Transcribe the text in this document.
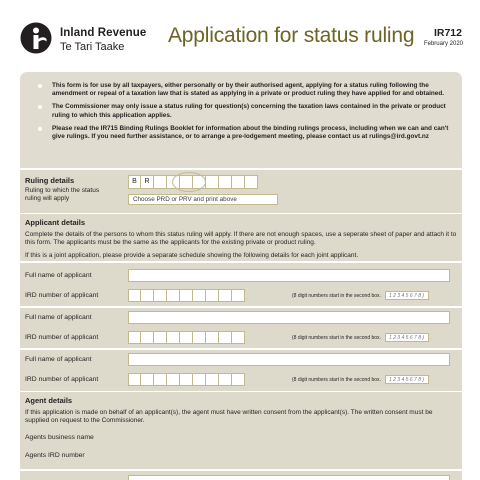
Inland Revenue
Te Tari Taake Application for status ruling IR712
February 2020
This form is for use by all taxpayers, either personally or by their authorised agent, applying for a status ruling following the amendment or repeal of a taxation law that is stated as applying in a private or product ruling they have applied for and obtained.
The Commissioner may only issue a status ruling for question(s) concerning the taxation laws contained in the private or product ruling to which this application applies.
Please read the IR715 Binding Rulings Booklet for information about the binding rulings process, including when we can and can't give rulings. If you need further assistance, or to arrange a pre-lodgement meeting, please contact us at rulings@ird.govt.nz
Ruling details
Ruling to which the status ruling will apply
B	R
Choose PRD or PRV and print above
Applicant details
Complete the details of the persons to whom this status ruling will apply. If there are not enough spaces, use a seperate sheet of paper and attach it to this form. The applicants must be the same as the applicants for the existing private or product ruling.
If this is a joint application, please provide a separate schedule showing the following details for each joint applicant.
Full name of applicant
IRD number of applicant	(8 digit numbers start in the second box.	12345678)
Full name of applicant
IRD number of applicant	(8 digit numbers start in the second box.	12345678)
Full name of applicant
IRD number of applicant	(8 digit numbers start in the second box.	12345678)
Agent details
If this application is made on behalf of an applicant(s), the agent must have written consent from the applicant(s). The written consent must be supplied on request to the Commissioner.
Agents business name
Agents IRD number
